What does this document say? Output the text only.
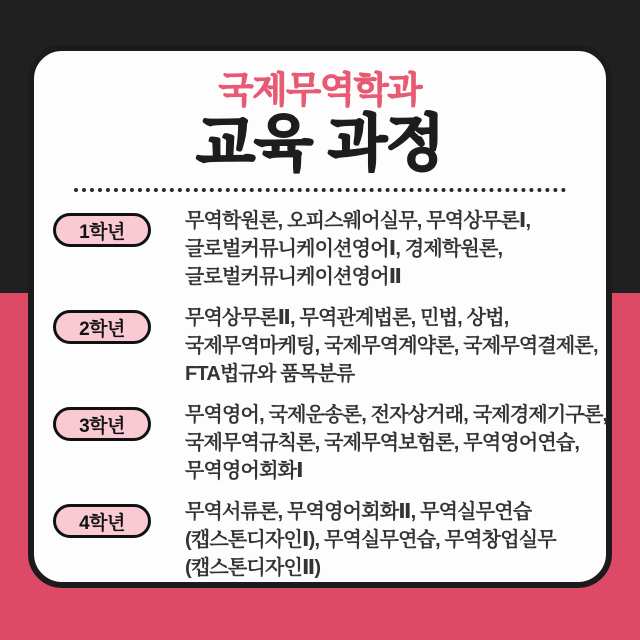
국제무역학과
교육 과정
1학년	무역학원론, 오피스웨어실무, 무역상무론Ⅰ,
글로벌커뮤니케이션영어Ⅰ, 경제학원론,
글로벌커뮤니케이션영어Ⅱ
2학년	무역상무론Ⅱ, 무역관계법론, 민법, 상법,
국제무역마케팅, 국제무역계약론, 국제무역결제론,
FTA법규와 품목분류
3학년	무역영어, 국제운송론, 전자상거래, 국제경제기구론,
국제무역규칙론, 국제무역보험론, 무역영어연습,
무역영어회화Ⅰ
4학년	무역서류론, 무역영어회화Ⅱ, 무역실무연습
(캡스톤디자인Ⅰ), 무역실무연습, 무역창업실무
(캡스톤디자인Ⅱ)
